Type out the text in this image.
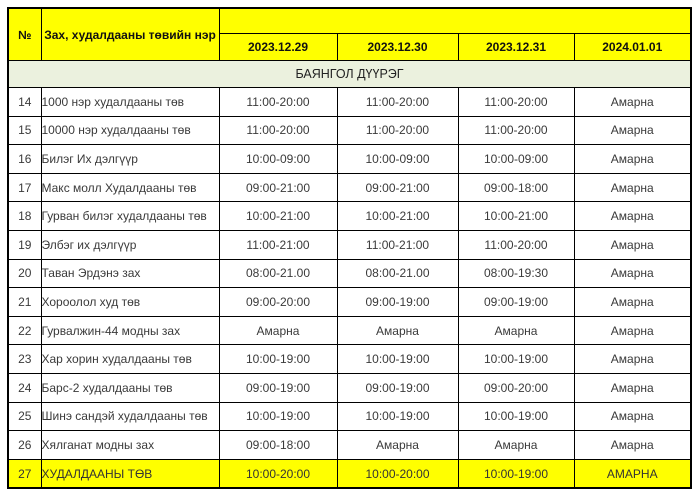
№	Зах, худалдааны төвийн нэр				
		2023.12.29	2023.12.30	2023.12.31	2024.01.01
БАЯНГОЛ ДҮҮРЭГ					
14	1000 нэр худалдааны төв	11:00-20:00	11:00-20:00	11:00-20:00	Амарна
15	10000 нэр худалдааны төв	11:00-20:00	11:00-20:00	11:00-20:00	Амарна
16	Билэг Их дэлгүүр	10:00-09:00	10:00-09:00	10:00-09:00	Амарна
17	Макс молл Худалдааны төв	09:00-21:00	09:00-21:00	09:00-18:00	Амарна
18	Гурван билэг худалдааны төв	10:00-21:00	10:00-21:00	10:00-21:00	Амарна
19	Элбэг их дэлгүүр	11:00-21:00	11:00-21:00	11:00-20:00	Амарна
20	Таван Эрдэнэ зах	08:00-21.00	08:00-21.00	08:00-19:30	Амарна
21	Хороолол худ төв	09:00-20:00	09:00-19:00	09:00-19:00	Амарна
22	Гурвалжин-44 модны зах	Амарна	Амарна	Амарна	Амарна
23	Хар хорин худалдааны төв	10:00-19:00	10:00-19:00	10:00-19:00	Амарна
24	Барс-2 худалдааны төв	09:00-19:00	09:00-19:00	09:00-20:00	Амарна
25	Шинэ сандэй худалдааны төв	10:00-19:00	10:00-19:00	10:00-19:00	Амарна
26	Хялганат модны зах	09:00-18:00	Амарна	Амарна	Амарна
27	ХУДАЛДААНЫ ТӨВ	10:00-20:00	10:00-20:00	10:00-19:00	АМАРНА
